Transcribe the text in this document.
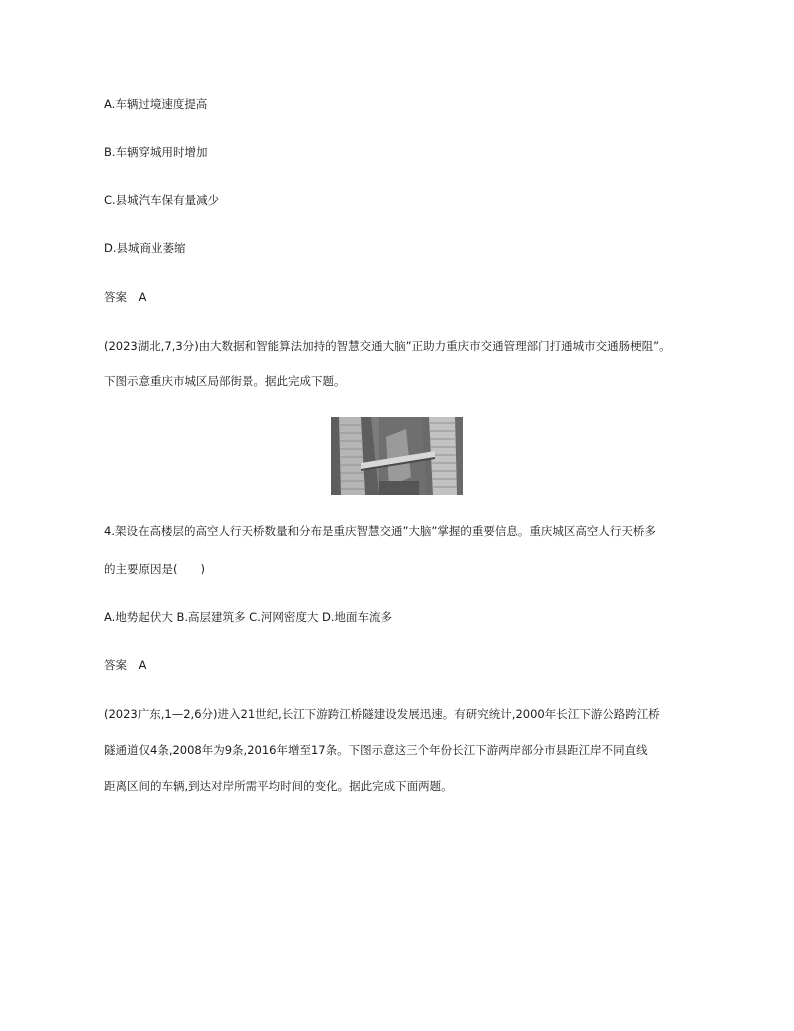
A.车辆过境速度提高
B.车辆穿城用时增加
C.县城汽车保有量减少
D.县城商业萎缩
答案　A
(2023湖北,7,3分)由大数据和智能算法加持的智慧交通大脑”正助力重庆市交通管理部门打通城市交通肠梗阻”。
下图示意重庆市城区局部街景。据此完成下题。
4.架设在高楼层的高空人行天桥数量和分布是重庆智慧交通”大脑”掌握的重要信息。重庆城区高空人行天桥多
的主要原因是(　　)
A.地势起伏大 B.高层建筑多 C.河网密度大 D.地面车流多
答案　A
(2023广东,1—2,6分)进入21世纪,长江下游跨江桥隧建设发展迅速。有研究统计,2000年长江下游公路跨江桥
隧通道仅4条,2008年为9条,2016年增至17条。下图示意这三个年份长江下游两岸部分市县距江岸不同直线
距离区间的车辆,到达对岸所需平均时间的变化。据此完成下面两题。
